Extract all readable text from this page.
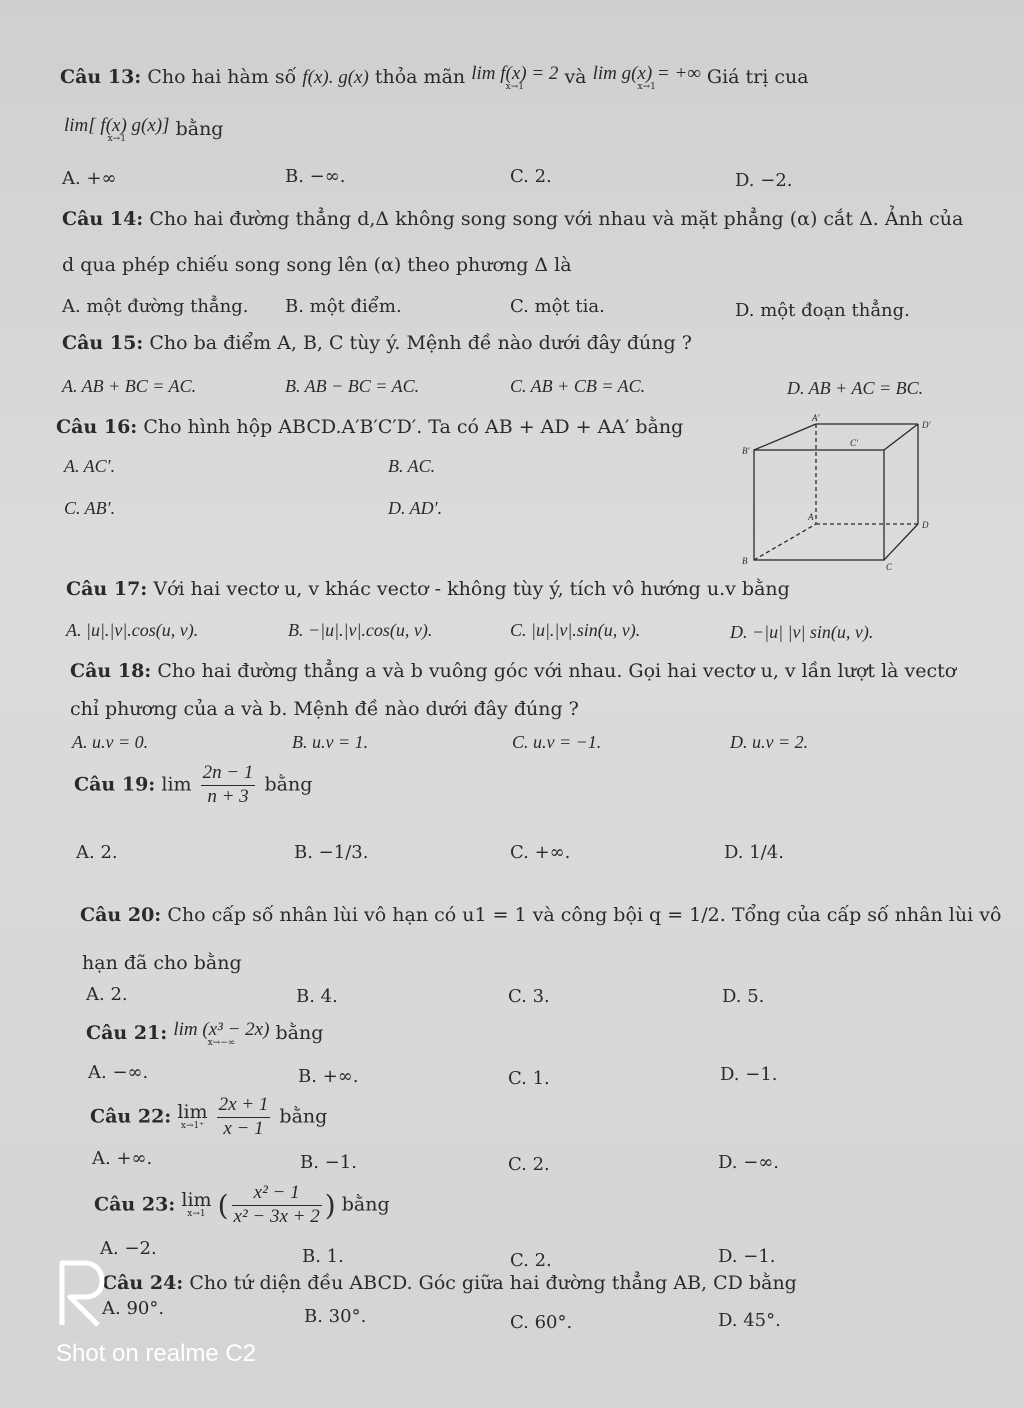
Câu 13: Cho hai hàm số f(x). g(x) thỏa mãn lim f(x) = 2
x→1	và lim g(x) = +∞
x→1	Giá trị cua
lim[ f(x) g(x)]
x→1	bằng
A. +∞	B. −∞.	C. 2.	D. −2.
Câu 14: Cho hai đường thẳng d,Δ không song song với nhau và mặt phẳng (α) cắt Δ. Ảnh của
d qua phép chiếu song song lên (α) theo phương Δ là
A. một đường thẳng. B. một điểm.	C. một tia.	D. một đoạn thẳng.
Câu 15: Cho ba điểm A, B, C tùy ý. Mệnh đề nào dưới đây đúng ?
A. AB + BC = AC.	B. AB − BC = AC.	C. AB + CB = AC.	D. AB + AC = BC.
Câu 16: Cho hình hộp ABCD.A′B′C′D′. Ta có AB + AD + AA′ bằng
A. AC′.	B. AC.
C. AB′.	D. AD′.	A
B
C
D
A′
B′
C′
D′
Câu 17: Với hai vectơ u, v khác vectơ - không tùy ý, tích vô hướng u.v bằng
A. |u|.|v|.cos(u, v).	B. −|u|.|v|.cos(u, v).	C. |u|.|v|.sin(u, v).	D. −|u| |v| sin(u, v).
Câu 18: Cho hai đường thẳng a và b vuông góc với nhau. Gọi hai vectơ u, v lần lượt là vectơ
chỉ phương của a và b. Mệnh đề nào dưới đây đúng ?
A. u.v = 0.	B. u.v = 1.	C. u.v = −1.	D. u.v = 2.
Câu 19: $\lim \frac{2n - 1}{n + 3}$ bằng
A. 2.	B. −1/3.	C. +∞.	D. 1/4.
Câu 20: Cho cấp số nhân lùi vô hạn có u1 = 1 và công bội q = 1/2. Tổng của cấp số nhân lùi vô
hạn đã cho bằng
A. 2.	B. 4.	C. 3.	D. 5.
Câu 21: lim (x³ − 2x)
x→−∞	bằng
A. −∞.	B. +∞.	C. 1.	D. −1.
Câu 22: lim
x→1⁺
$\frac{2x + 1}{x - 1}$ bằng
A. +∞.	B. −1.	C. 2.	D. −∞.
Câu 23: lim
x→1 ( $\frac{\text{x² − 1}}{\text{x² − 3x + 2}}$ ) bằng
A. −2.	B. 1.	C. 2.	D. −1.
Câu 24: Cho tứ diện đều ABCD. Góc giữa hai đường thẳng AB, CD bằng
A. 90°.	B. 30°.	C. 60°.	D. 45°.
Shot on realme C2
